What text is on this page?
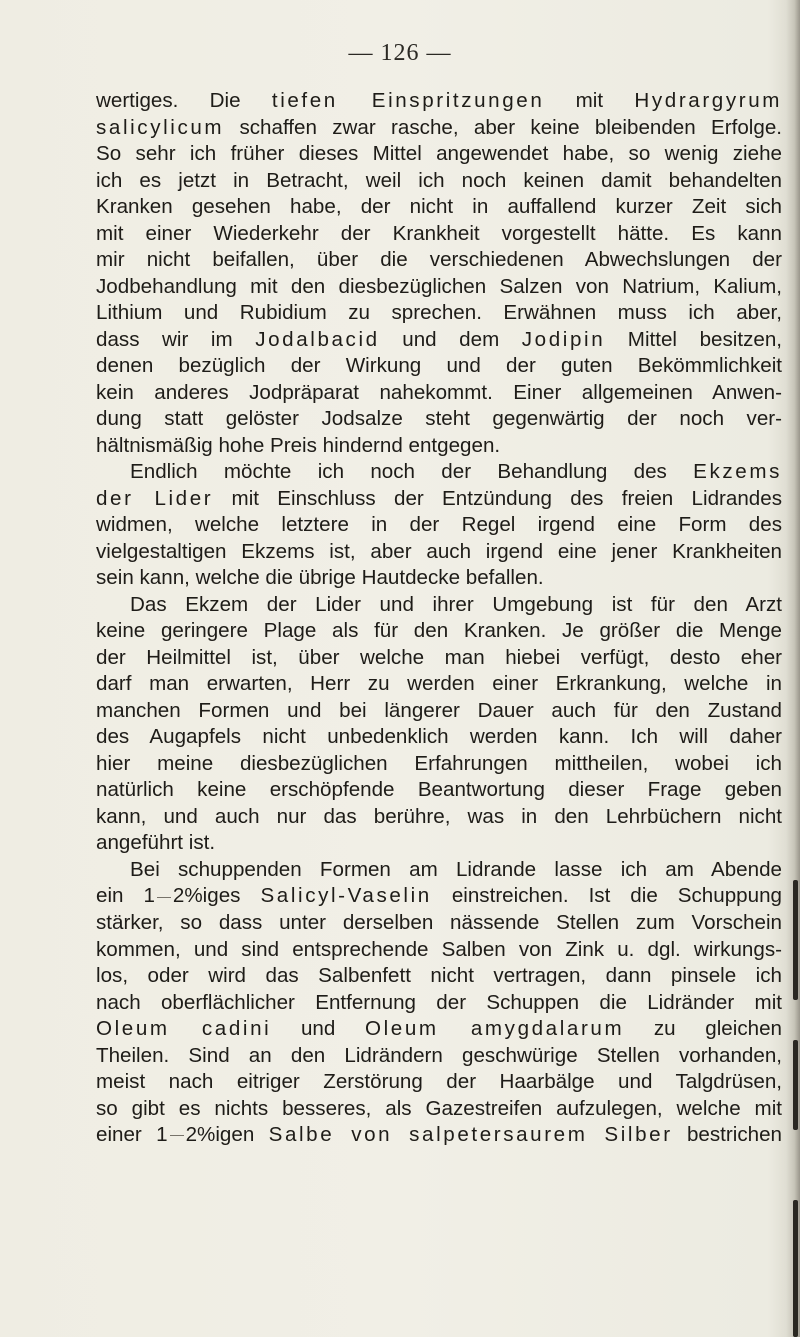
— 126 —
wertiges. Die tiefen Einspritzungen mit Hydrargyrum
salicylicum schaffen zwar rasche, aber keine bleibenden Erfolge.
So sehr ich früher dieses Mittel angewendet habe, so wenig ziehe
ich es jetzt in Betracht, weil ich noch keinen damit behandelten
Kranken gesehen habe, der nicht in auffallend kurzer Zeit sich
mit einer Wiederkehr der Krankheit vorgestellt hätte. Es kann
mir nicht beifallen, über die verschiedenen Abwechslungen der
Jodbehandlung mit den diesbezüglichen Salzen von Natrium, Kalium,
Lithium und Rubidium zu sprechen. Erwähnen muss ich aber,
dass wir im Jodalbacid und dem Jodipin Mittel besitzen,
denen bezüglich der Wirkung und der guten Bekömmlichkeit
kein anderes Jodpräparat nahekommt. Einer allgemeinen Anwen-
dung statt gelöster Jodsalze steht gegenwärtig der noch ver-
hältnismäßig hohe Preis hindernd entgegen.
Endlich möchte ich noch der Behandlung des Ekzems
der Lider mit Einschluss der Entzündung des freien Lidrandes
widmen, welche letztere in der Regel irgend eine Form des
vielgestaltigen Ekzems ist, aber auch irgend eine jener Krankheiten
sein kann, welche die übrige Hautdecke befallen.
Das Ekzem der Lider und ihrer Umgebung ist für den Arzt
keine geringere Plage als für den Kranken. Je größer die Menge
der Heilmittel ist, über welche man hiebei verfügt, desto eher
darf man erwarten, Herr zu werden einer Erkrankung, welche in
manchen Formen und bei längerer Dauer auch für den Zustand
des Augapfels nicht unbedenklich werden kann. Ich will daher
hier meine diesbezüglichen Erfahrungen mittheilen, wobei ich
natürlich keine erschöpfende Beantwortung dieser Frage geben
kann, und auch nur das berühre, was in den Lehrbüchern nicht
angeführt ist.
Bei schuppenden Formen am Lidrande lasse ich am Abende
ein 1 2%iges Salicyl-Vaselin einstreichen. Ist die Schuppung
stärker, so dass unter derselben nässende Stellen zum Vorschein
kommen, und sind entsprechende Salben von Zink u. dgl. wirkungs-
los, oder wird das Salbenfett nicht vertragen, dann pinsele ich
nach oberflächlicher Entfernung der Schuppen die Lidränder mit
Oleum cadini und Oleum amygdalarum zu gleichen
Theilen. Sind an den Lidrändern geschwürige Stellen vorhanden,
meist nach eitriger Zerstörung der Haarbälge und Talgdrüsen,
so gibt es nichts besseres, als Gazestreifen aufzulegen, welche mit
einer 1 2%igen Salbe von salpetersaurem Silber bestrichen
